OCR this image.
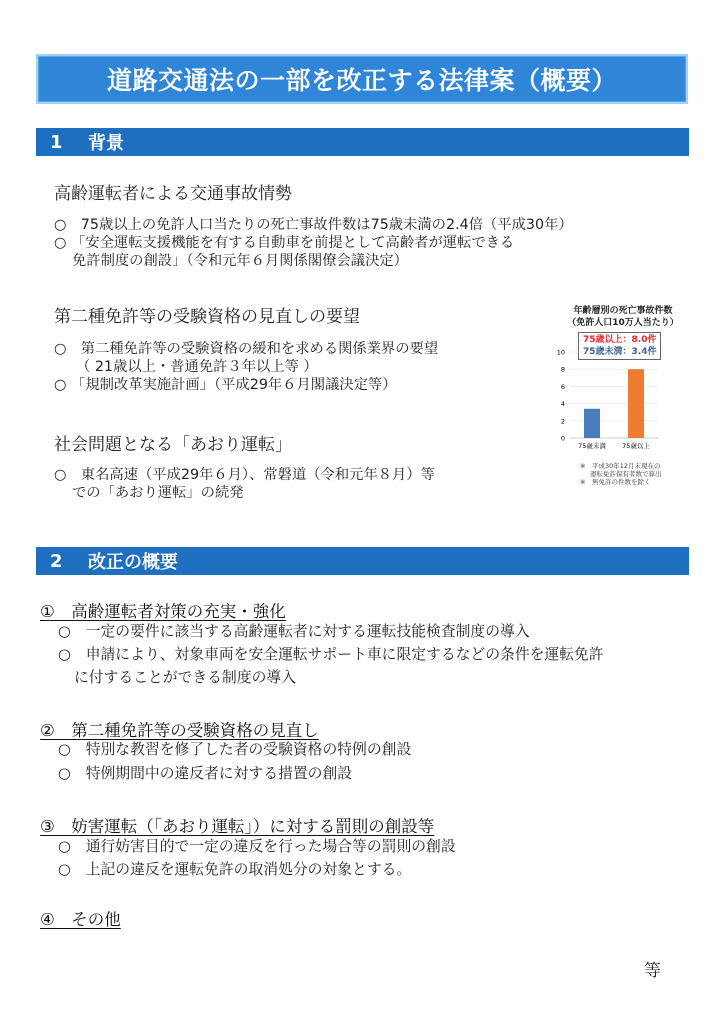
道路交通法の一部を改正する法律案（概要）
1	背景
高齢運転者による交通事故情勢
○　75歳以上の免許人口当たりの死亡事故件数は75歳未満の2.4倍（平成30年）
○ 「安全運転支援機能を有する自動車を前提として高齢者が運転できる
免許制度の創設」（令和元年６月関係閣僚会議決定）
第二種免許等の受験資格の見直しの要望
○　第二種免許等の受験資格の緩和を求める関係業界の要望
（ 21歳以上・普通免許３年以上等 ）
○ 「規制改革実施計画」（平成29年６月閣議決定等）
社会問題となる「あおり運転」
○　東名高速（平成29年６月）、常磐道（令和元年８月）等
での「あおり運転」の続発
年齢層別の死亡事故件数
（免許人口10万人当たり）
75歳以上：8.0件
75歳未満：3.4件
0
2
4
6
8
10
75歳未満 75歳以上
※　平成30年12月末現在の
運転免許保有者数で算出
※　無免許の件数を除く
2	改正の概要
①　高齢運転者対策の充実・強化
○　一定の要件に該当する高齢運転者に対する運転技能検査制度の導入
○　申請により、対象車両を安全運転サポート車に限定するなどの条件を運転免許
に付することができる制度の導入
②　第二種免許等の受験資格の見直し
○　特別な教習を修了した者の受験資格の特例の創設
○　特例期間中の違反者に対する措置の創設
③　妨害運転（「あおり運転」）に対する罰則の創設等
○　通行妨害目的で一定の違反を行った場合等の罰則の創設
○　上記の違反を運転免許の取消処分の対象とする。
④　その他
等
